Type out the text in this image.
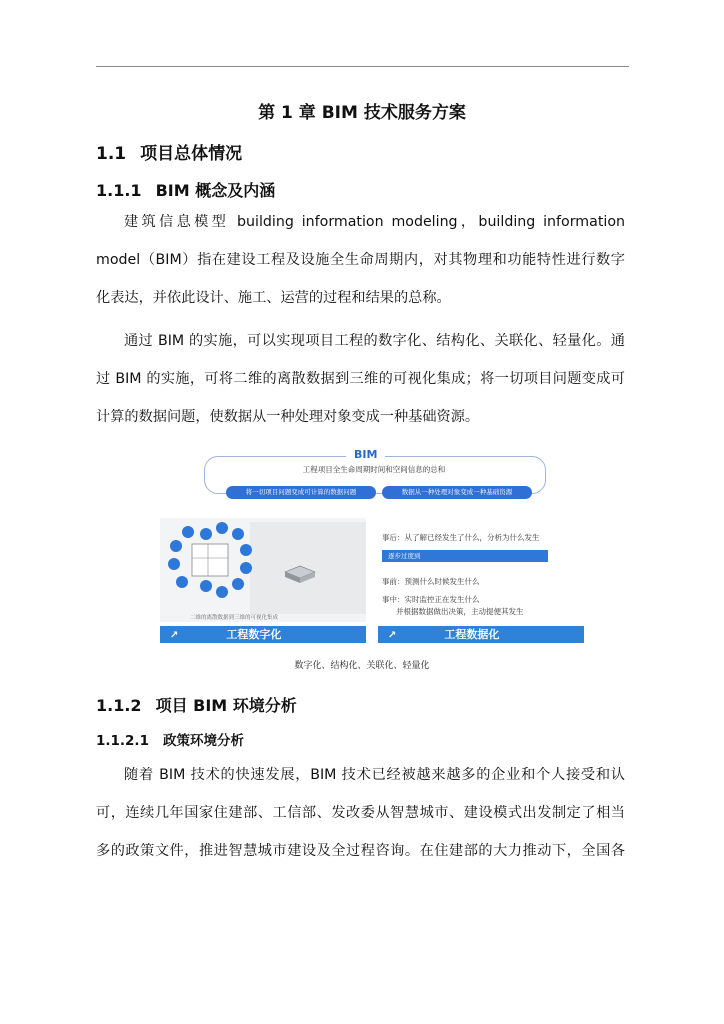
第 1 章 BIM 技术服务方案
1.1 项目总体情况
1.1.1 BIM 概念及内涵
建筑信息模型 building information modeling，building information
model（BIM）指在建设工程及设施全生命周期内，对其物理和功能特性进行数字
化表达，并依此设计、施工、运营的过程和结果的总称。
通过 BIM 的实施，可以实现项目工程的数字化、结构化、关联化、轻量化。通
过 BIM 的实施，可将二维的离散数据到三维的可视化集成；将一切项目问题变成可
计算的数据问题，使数据从一种处理对象变成一种基础资源。
BIM
工程项目全生命周期时间和空间信息的总和
将一切项目问题变成可计算的数据问题	数据从一种处理对象变成一种基础资源
二维的离散数据到三维的可视化集成
↗	工程数字化	↗	工程数据化
事后：从了解已经发生了什么，分析为什么发生
逐步过度到
事前：预测什么时候发生什么
事中：实时监控正在发生什么
并根据数据做出决策，主动提便其发生
数字化、结构化、关联化、轻量化
1.1.2 项目 BIM 环境分析
1.1.2.1 政策环境分析
随着 BIM 技术的快速发展，BIM 技术已经被越来越多的企业和个人接受和认
可，连续几年国家住建部、工信部、发改委从智慧城市、建设模式出发制定了相当
多的政策文件，推进智慧城市建设及全过程咨询。在住建部的大力推动下，全国各
